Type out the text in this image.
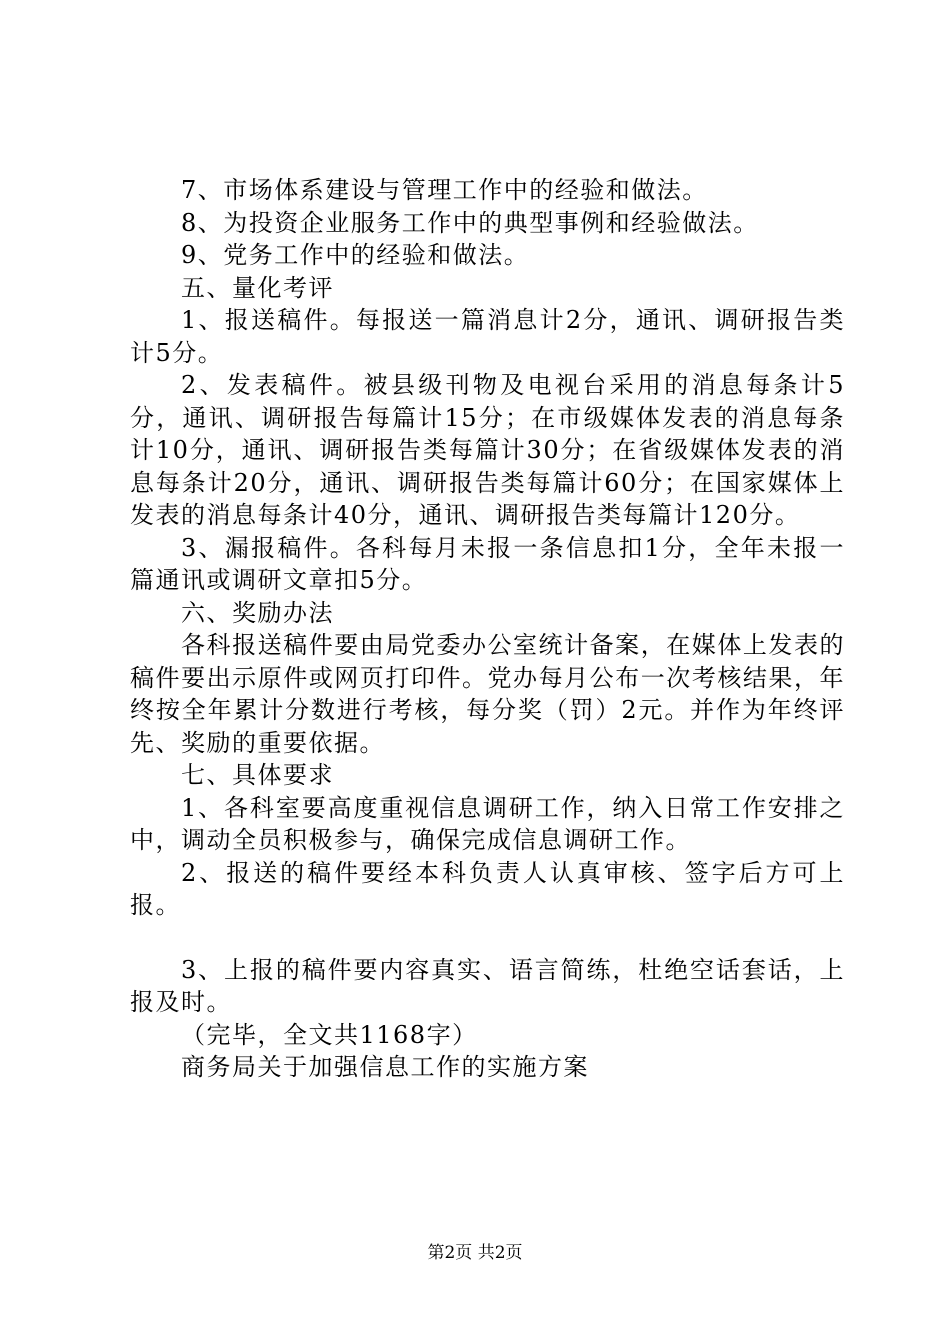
7、市场体系建设与管理工作中的经验和做法。

8、为投资企业服务工作中的典型事例和经验做法。

9、党务工作中的经验和做法。

五、量化考评

1、报送稿件。每报送一篇消息计2分，通讯、调研报告类计5分。

2、发表稿件。被县级刊物及电视台采用的消息每条计5分，通讯、调研报告每篇计15分；在市级媒体发表的消息每条计10分，通讯、调研报告类每篇计30分；在省级媒体发表的消息每条计20分，通讯、调研报告类每篇计60分；在国家媒体上发表的消息每条计40分，通讯、调研报告类每篇计120分。

3、漏报稿件。各科每月未报一条信息扣1分，全年未报一篇通讯或调研文章扣5分。

六、奖励办法

各科报送稿件要由局党委办公室统计备案，在媒体上发表的稿件要出示原件或网页打印件。党办每月公布一次考核结果，年终按全年累计分数进行考核，每分奖（罚）2元。并作为年终评先、奖励的重要依据。

七、具体要求

1、各科室要高度重视信息调研工作，纳入日常工作安排之中，调动全员积极参与，确保完成信息调研工作。

2、报送的稿件要经本科负责人认真审核、签字后方可上报。

3、上报的稿件要内容真实、语言简练，杜绝空话套话，上报及时。

（完毕，全文共1168字）

商务局关于加强信息工作的实施方案

第2页 共2页
